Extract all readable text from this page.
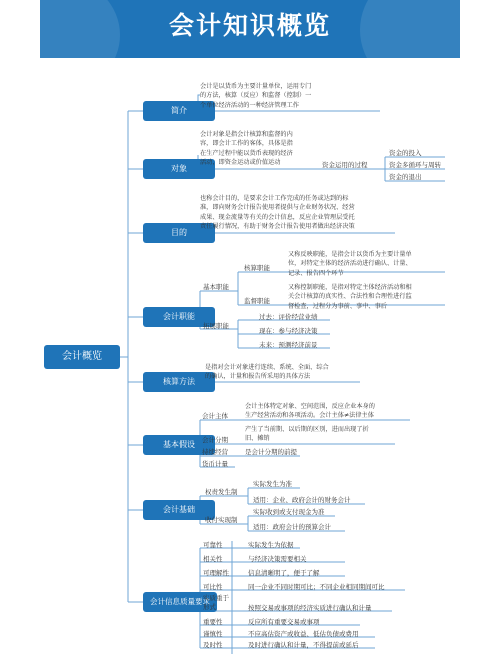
会计知识概览
会计概览
简介
会计是以货币为主要计量单位，运用专门
的方法，核算（反应）和监督（控制）一
个单位经济活动的一种经济管理工作
对象
会计对象是指会计核算和监督的内
容，即会计工作的客体，具体是指
在生产过程中能以货币表现的经济
活动，即资金运动或价值运动	资金运用的过程
资金的投入
资金多循环与周转
资金的退出
目的
也称会计目的，是要求会计工作完成的任务或达到的标
准，即向财务会计报告使用者提供与企业财务状况、经营
成果、现金流量等有关的会计信息，反应企业管理层受托
责任履行情况，有助于财务会计报告使用者做出经济决策
会计职能
基本职能
核算职能
又称反映职能，是指会计以货币为主要计量单
位，对特定主体的经济活动进行确认、计量、
记录、报告四个环节
监督职能
又称控制职能，是指对特定主体经济活动和相
关会计核算的真实性、合法性和合理性进行监
督检查，过程分为事前、事中、事后
拓展职能
过去：评价经营业绩
现在：参与经济决策
未来：预测经济前景
核算方法
是指对会计对象进行连续、系统、全面、综合
的确认，计量和报告所采用的具体方法
基本假设
会计主体
会计主体特定对象、空间范围，反应企业本身的
生产经营活动和各项活动。会计主体≠法律主体
会计分期
产生了当前期、以后期的区别，进而出现了折
旧、摊销
持续经营	是会计分期的前提
货币计量
会计基础
权责发生制
实际发生为准
适用：企业、政府会计的财务会计
收付实现制
实际收到或支付现金为准
适用：政府会计的预算会计
会计信息质量要求
可靠性	实际发生为依据
相关性	与经济决策需要相关
可理解性	信息清晰明了，便于了解
可比性	同一企业不同时期可比；不同企业相同期间可比
实质重于形式	按照交易或事项的经济实质进行确认和计量
重要性	反应所有重要交易或事项
谨慎性	不应高估资产或收益、低估负债或费用
及时性	及时进行确认和计量，不得提前或延后
